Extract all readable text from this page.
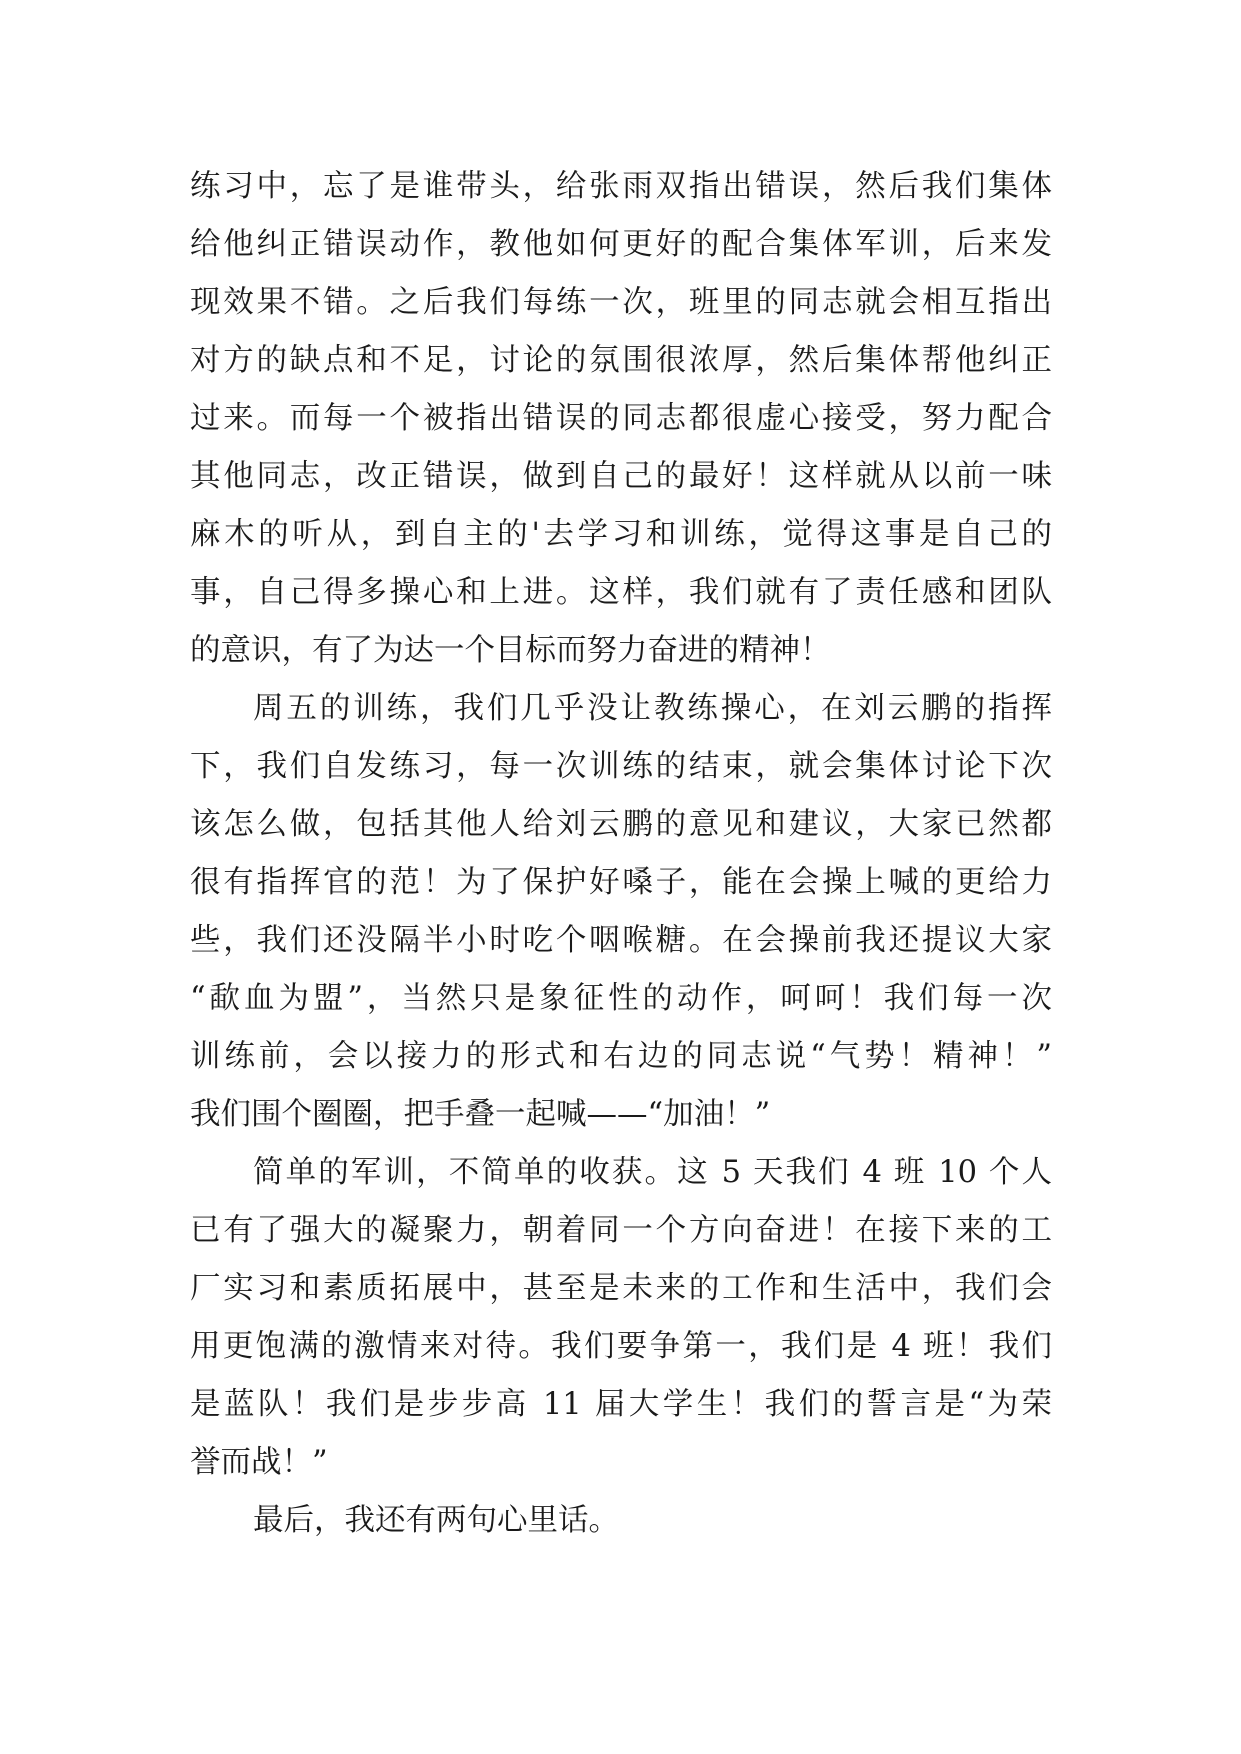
练习中，忘了是谁带头，给张雨双指出错误，然后我们集体
给他纠正错误动作，教他如何更好的配合集体军训，后来发
现效果不错。之后我们每练一次，班里的同志就会相互指出
对方的缺点和不足，讨论的氛围很浓厚，然后集体帮他纠正
过来。而每一个被指出错误的同志都很虚心接受，努力配合
其他同志，改正错误，做到自己的最好！这样就从以前一味
麻木的听从，到自主的'去学习和训练，觉得这事是自己的
事，自己得多操心和上进。这样，我们就有了责任感和团队
的意识，有了为达一个目标而努力奋进的精神！
周五的训练，我们几乎没让教练操心，在刘云鹏的指挥
下，我们自发练习，每一次训练的结束，就会集体讨论下次
该怎么做，包括其他人给刘云鹏的意见和建议，大家已然都
很有指挥官的范！为了保护好嗓子，能在会操上喊的更给力
些，我们还没隔半小时吃个咽喉糖。在会操前我还提议大家
“歃血为盟”，当然只是象征性的动作，呵呵！我们每一次
训练前，会以接力的形式和右边的同志说“气势！精神！”
我们围个圈圈，把手叠一起喊——“加油！”
简单的军训，不简单的收获。这 5 天我们 4 班 10 个人
已有了强大的凝聚力，朝着同一个方向奋进！在接下来的工
厂实习和素质拓展中，甚至是未来的工作和生活中，我们会
用更饱满的激情来对待。我们要争第一，我们是 4 班！我们
是蓝队！我们是步步高 11 届大学生！我们的誓言是“为荣
誉而战！”
最后，我还有两句心里话。
